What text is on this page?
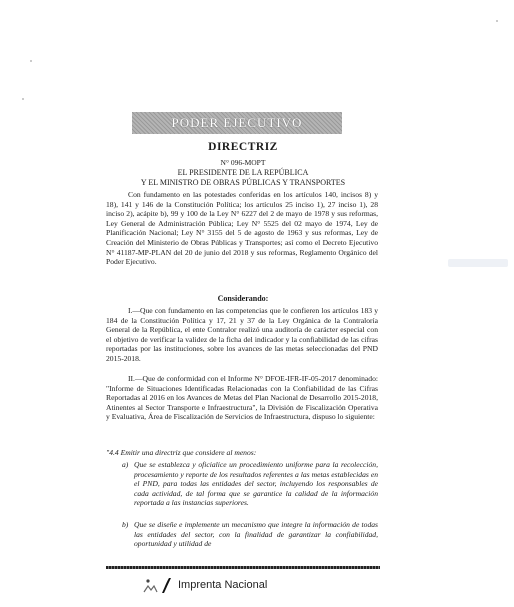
PODER EJECUTIVO
DIRECTRIZ
N° 096-MOPT
EL PRESIDENTE DE LA REPÚBLICA
Y EL MINISTRO DE OBRAS PÚBLICAS Y TRANSPORTES

Con fundamento en las potestades conferidas en los artículos 140, incisos 8) y 18), 141 y 146 de la Constitución Política; los artículos 25 inciso 1), 27 inciso 1), 28 inciso 2), acápite b), 99 y 100 de la Ley N° 6227 del 2 de mayo de 1978 y sus reformas, Ley General de Administración Pública; Ley N° 5525 del 02 mayo de 1974, Ley de Planificación Nacional; Ley N° 3155 del 5 de agosto de 1963 y sus reformas, Ley de Creación del Ministerio de Obras Públicas y Transportes; así como el Decreto Ejecutivo N° 41187-MP-PLAN del 20 de junio del 2018 y sus reformas, Reglamento Orgánico del Poder Ejecutivo.

Considerando:

I.—Que con fundamento en las competencias que le confieren los artículos 183 y 184 de la Constitución Política y 17, 21 y 37 de la Ley Orgánica de la Contraloría General de la República, el ente Contralor realizó una auditoría de carácter especial con el objetivo de verificar la validez de la ficha del indicador y la confiabilidad de las cifras reportadas por las instituciones, sobre los avances de las metas seleccionadas del PND 2015-2018.

II.—Que de conformidad con el Informe N° DFOE-IFR-IF-05-2017 denominado: "Informe de Situaciones Identificadas Relacionadas con la Confiabilidad de las Cifras Reportadas al 2016 en los Avances de Metas del Plan Nacional de Desarrollo 2015-2018, Atinentes al Sector Transporte e Infraestructura", la División de Fiscalización Operativa y Evaluativa, Área de Fiscalización de Servicios de Infraestructura, dispuso lo siguiente:

"4.4 Emitir una directriz que considere al menos:

a) Que se establezca y oficialice un procedimiento uniforme para la recolección, procesamiento y reporte de los resultados referentes a las metas establecidas en el PND, para todas las entidades del sector, incluyendo los responsables de cada actividad, de tal forma que se garantice la calidad de la información reportada a las instancias superiores.
b) Que se diseñe e implemente un mecanismo que integre la información de todas las entidades del sector, con la finalidad de garantizar la confiabilidad, oportunidad y utilidad de
Imprenta Nacional
